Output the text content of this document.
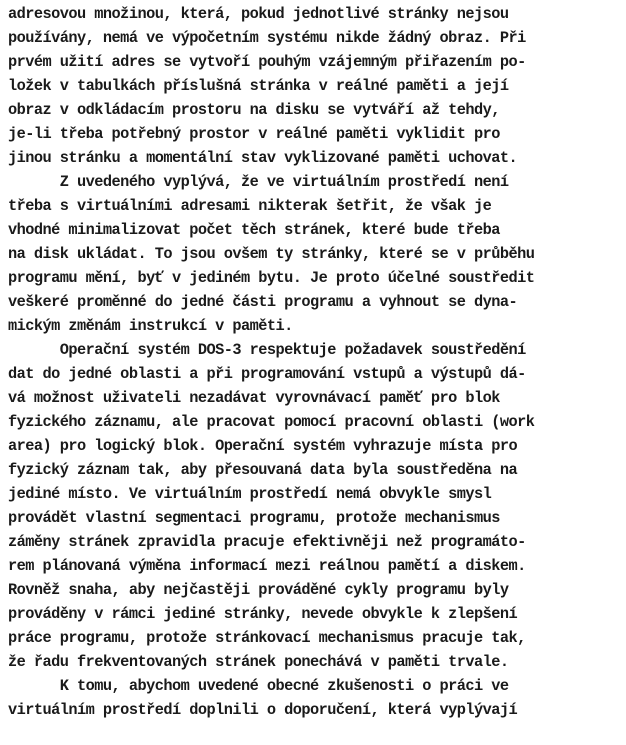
adresovou množinou, která, pokud jednotlivé stránky nejsou
používány, nemá ve výpočetním systému nikde žádný obraz. Při
prvém užití adres se vytvoří pouhým vzájemným přiřazením po-
ložek v tabulkách příslušná stránka v reálné paměti a její
obraz v odkládacím prostoru na disku se vytváří až tehdy,
je-li třeba potřebný prostor v reálné paměti vyklidit pro
jinou stránku a momentální stav vyklizované paměti uchovat.
Z uvedeného vyplývá, že ve virtuálním prostředí není
třeba s virtuálními adresami nikterak šetřit, že však je
vhodné minimalizovat počet těch stránek, které bude třeba
na disk ukládat. To jsou ovšem ty stránky, které se v průběhu
programu mění, byť v jediném bytu. Je proto účelné soustředit
veškeré proměnné do jedné části programu a vyhnout se dyna-
mickým změnám instrukcí v paměti.
Operační systém DOS-3 respektuje požadavek soustředění
dat do jedné oblasti a při programování vstupů a výstupů dá-
vá možnost uživateli nezadávat vyrovnávací paměť pro blok
fyzického záznamu, ale pracovat pomocí pracovní oblasti (work
area) pro logický blok. Operační systém vyhrazuje místa pro
fyzický záznam tak, aby přesouvaná data byla soustředěna na
jediné místo. Ve virtuálním prostředí nemá obvykle smysl
provádět vlastní segmentaci programu, protože mechanismus
záměny stránek zpravidla pracuje efektivněji než programáto-
rem plánovaná výměna informací mezi reálnou pamětí a diskem.
Rovněž snaha, aby nejčastěji prováděné cykly programu byly
prováděny v rámci jediné stránky, nevede obvykle k zlepšení
práce programu, protože stránkovací mechanismus pracuje tak,
že řadu frekventovaných stránek ponechává v paměti trvale.
K tomu, abychom uvedené obecné zkušenosti o práci ve
virtuálním prostředí doplnili o doporučení, která vyplývají
